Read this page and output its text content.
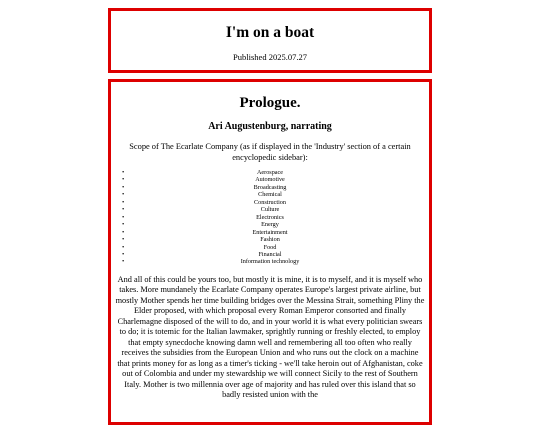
I'm on a boat
Published 2025.07.27
Prologue.
Ari Augustenburg, narrating

Scope of The Ecarlate Company (as if displayed in the 'Industry' section of a certain encyclopedic sidebar):

• Aerospace
• Automotive
• Broadcasting
• Chemical
• Construction
• Culture
• Electronics
• Energy
• Entertainment
• Fashion
• Food
• Financial
• Information technology

And all of this could be yours too, but mostly it is mine, it is to myself, and it is myself who takes. More mundanely the Ecarlate Company operates Europe's largest private airline, but mostly Mother spends her time building bridges over the Messina Strait, something Pliny the Elder proposed, with which proposal every Roman Emperor consorted and finally Charlemagne disposed of the will to do, and in your world it is what every politician swears to do; it is totemic for the Italian lawmaker, sprightly running or freshly elected, to employ that empty synecdoche knowing damn well and remembering all too often who really receives the subsidies from the European Union and who runs out the clock on a machine that prints money for as long as a timer's ticking - we'll take heroin out of Afghanistan, coke out of Colombia and under my stewardship we will connect Sicily to the rest of Southern Italy. Mother is two millennia over age of majority and has ruled over this island that so badly resisted union with the
